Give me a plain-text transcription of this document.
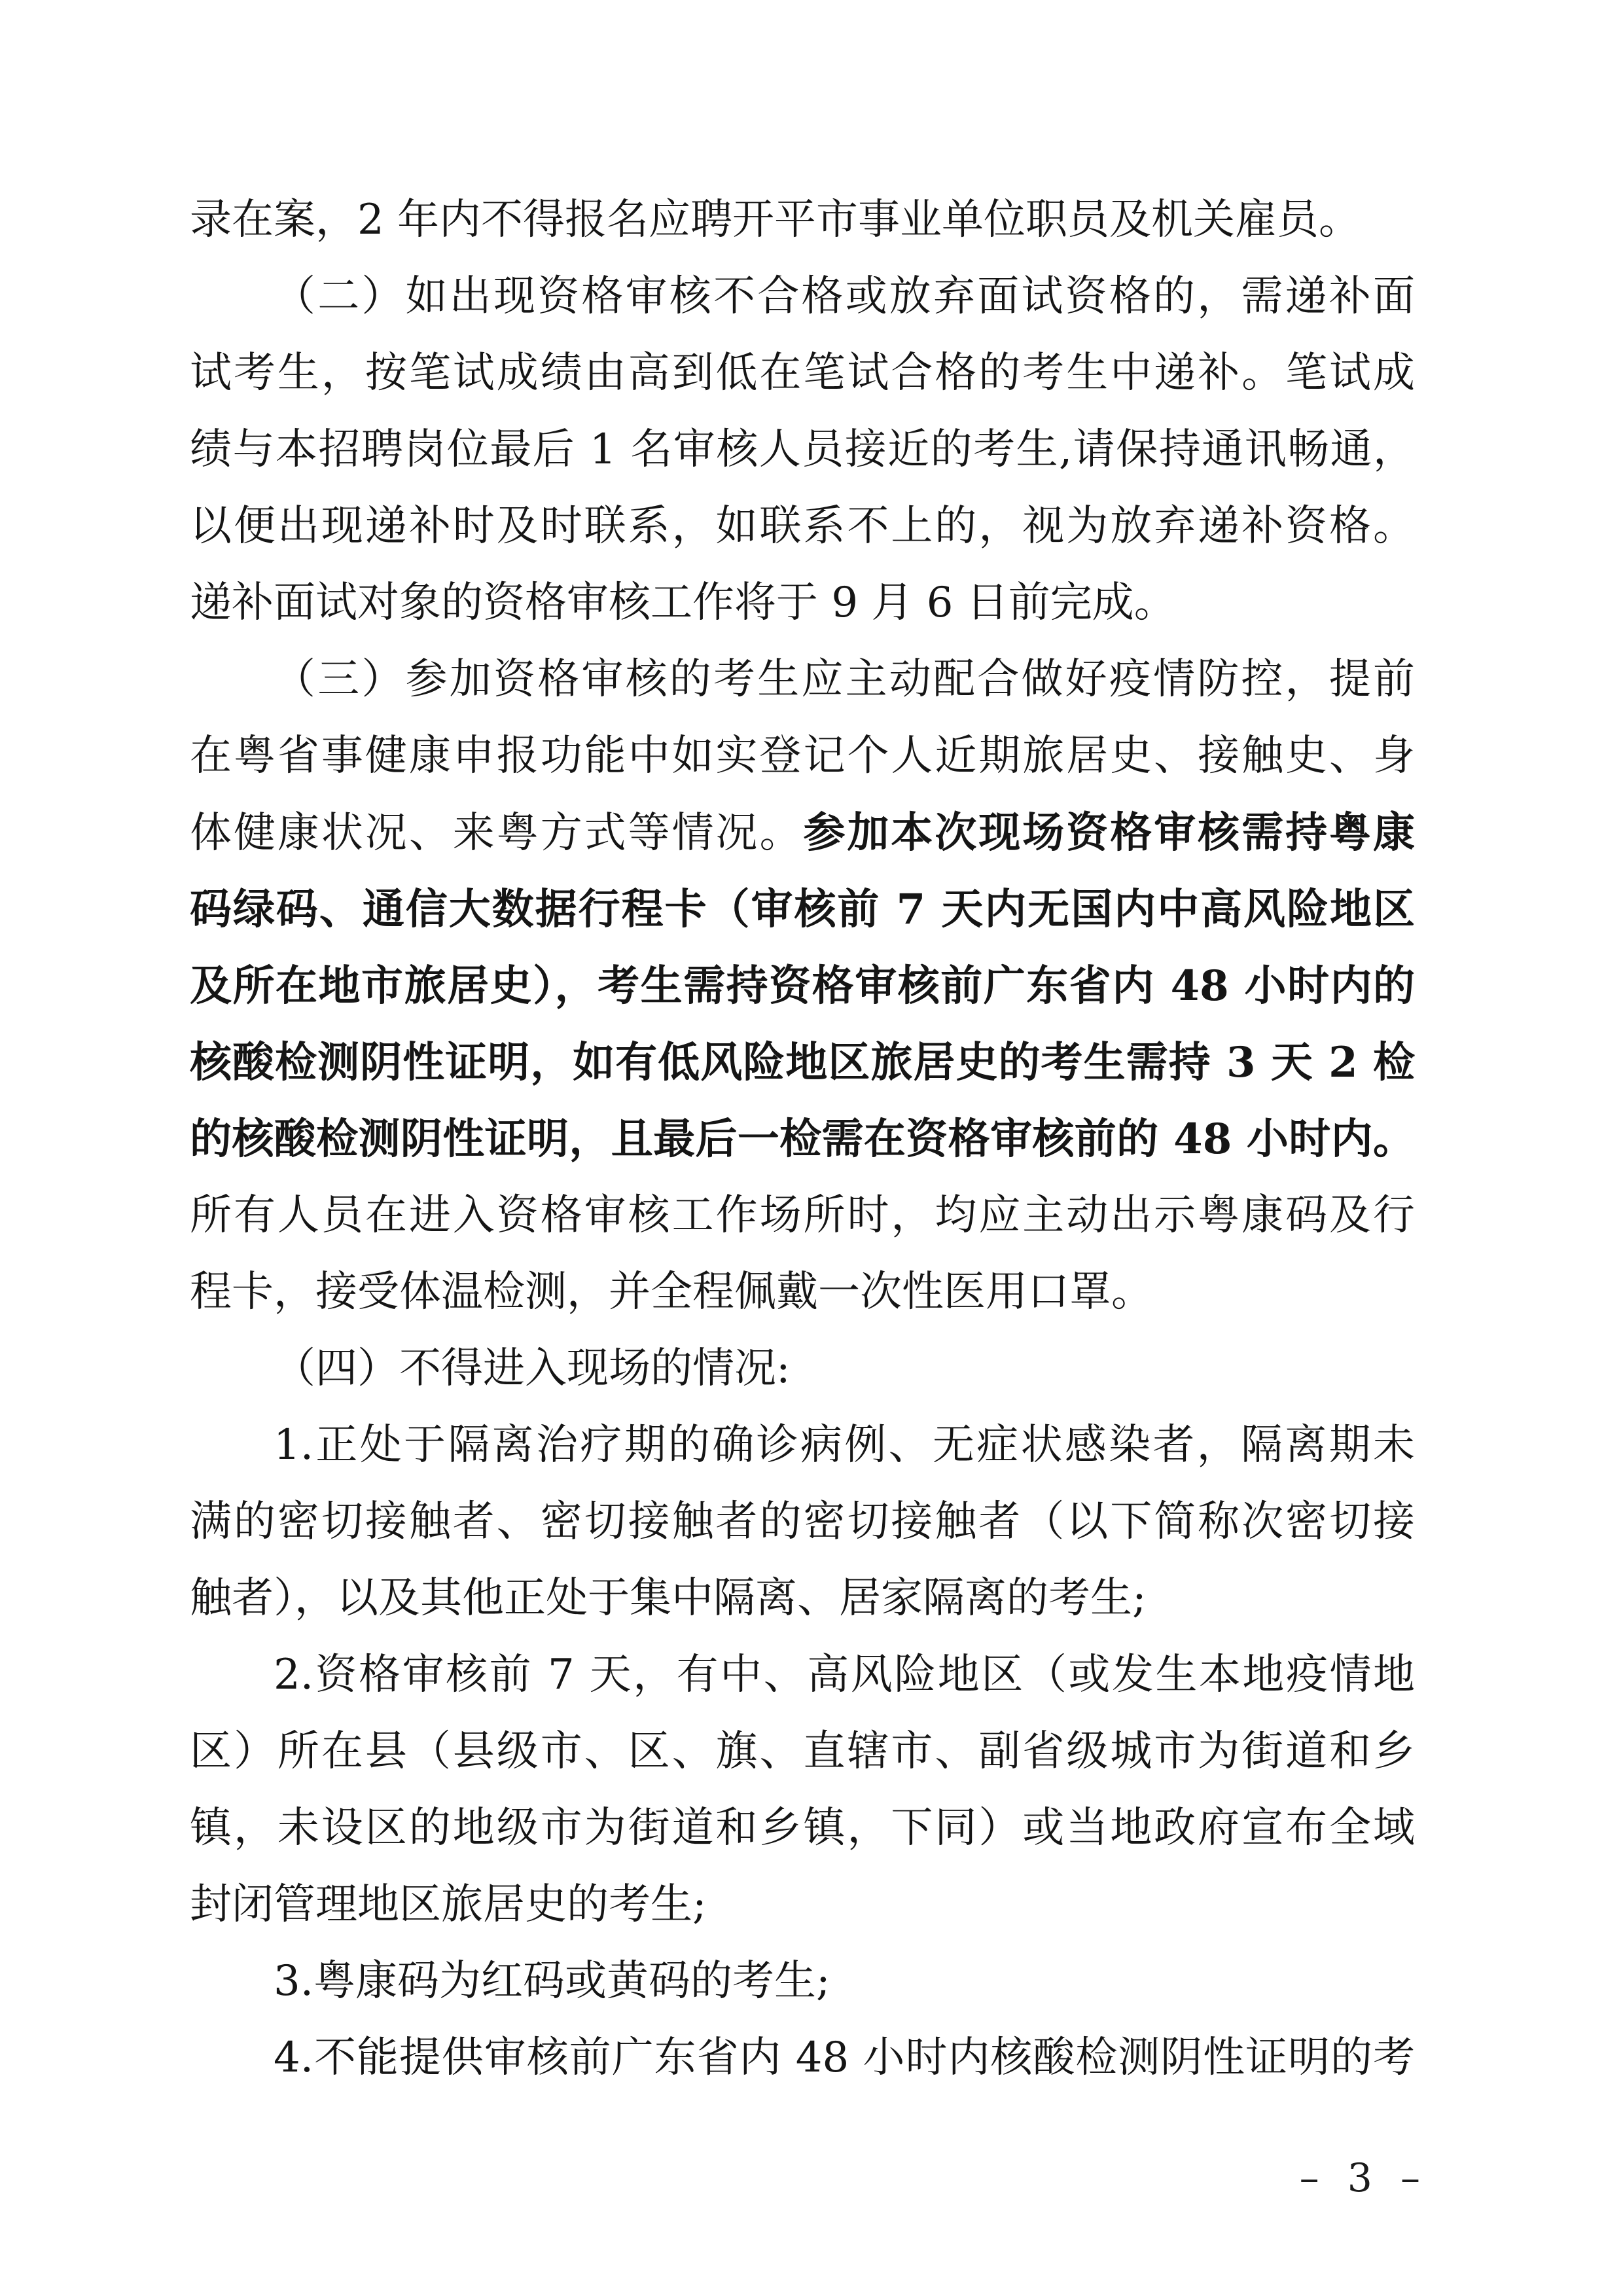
录在案，2 年内不得报名应聘开平市事业单位职员及机关雇员。
（二）如出现资格审核不合格或放弃面试资格的，需递补面
试考生，按笔试成绩由高到低在笔试合格的考生中递补。笔试成
绩与本招聘岗位最后 1 名审核人员接近的考生,请保持通讯畅通，
以便出现递补时及时联系，如联系不上的，视为放弃递补资格。
递补面试对象的资格审核工作将于 9 月 6 日前完成。
（三）参加资格审核的考生应主动配合做好疫情防控，提前
在粤省事健康申报功能中如实登记个人近期旅居史、接触史、身
体健康状况、来粤方式等情况。参加本次现场资格审核需持粤康
码绿码、通信大数据行程卡（审核前 7 天内无国内中高风险地区
及所在地市旅居史），考生需持资格审核前广东省内 48 小时内的
核酸检测阴性证明，如有低风险地区旅居史的考生需持 3 天 2 检
的核酸检测阴性证明，且最后一检需在资格审核前的 48 小时内。
所有人员在进入资格审核工作场所时，均应主动出示粤康码及行
程卡，接受体温检测，并全程佩戴一次性医用口罩。
（四）不得进入现场的情况:
1.正处于隔离治疗期的确诊病例、无症状感染者，隔离期未
满的密切接触者、密切接触者的密切接触者（以下简称次密切接
触者），以及其他正处于集中隔离、居家隔离的考生;
2.资格审核前 7 天，有中、高风险地区（或发生本地疫情地
区）所在县（县级市、区、旗、直辖市、副省级城市为街道和乡
镇，未设区的地级市为街道和乡镇，下同）或当地政府宣布全域
封闭管理地区旅居史的考生;
3.粤康码为红码或黄码的考生;
4.不能提供审核前广东省内 48 小时内核酸检测阴性证明的考
– 3 –
